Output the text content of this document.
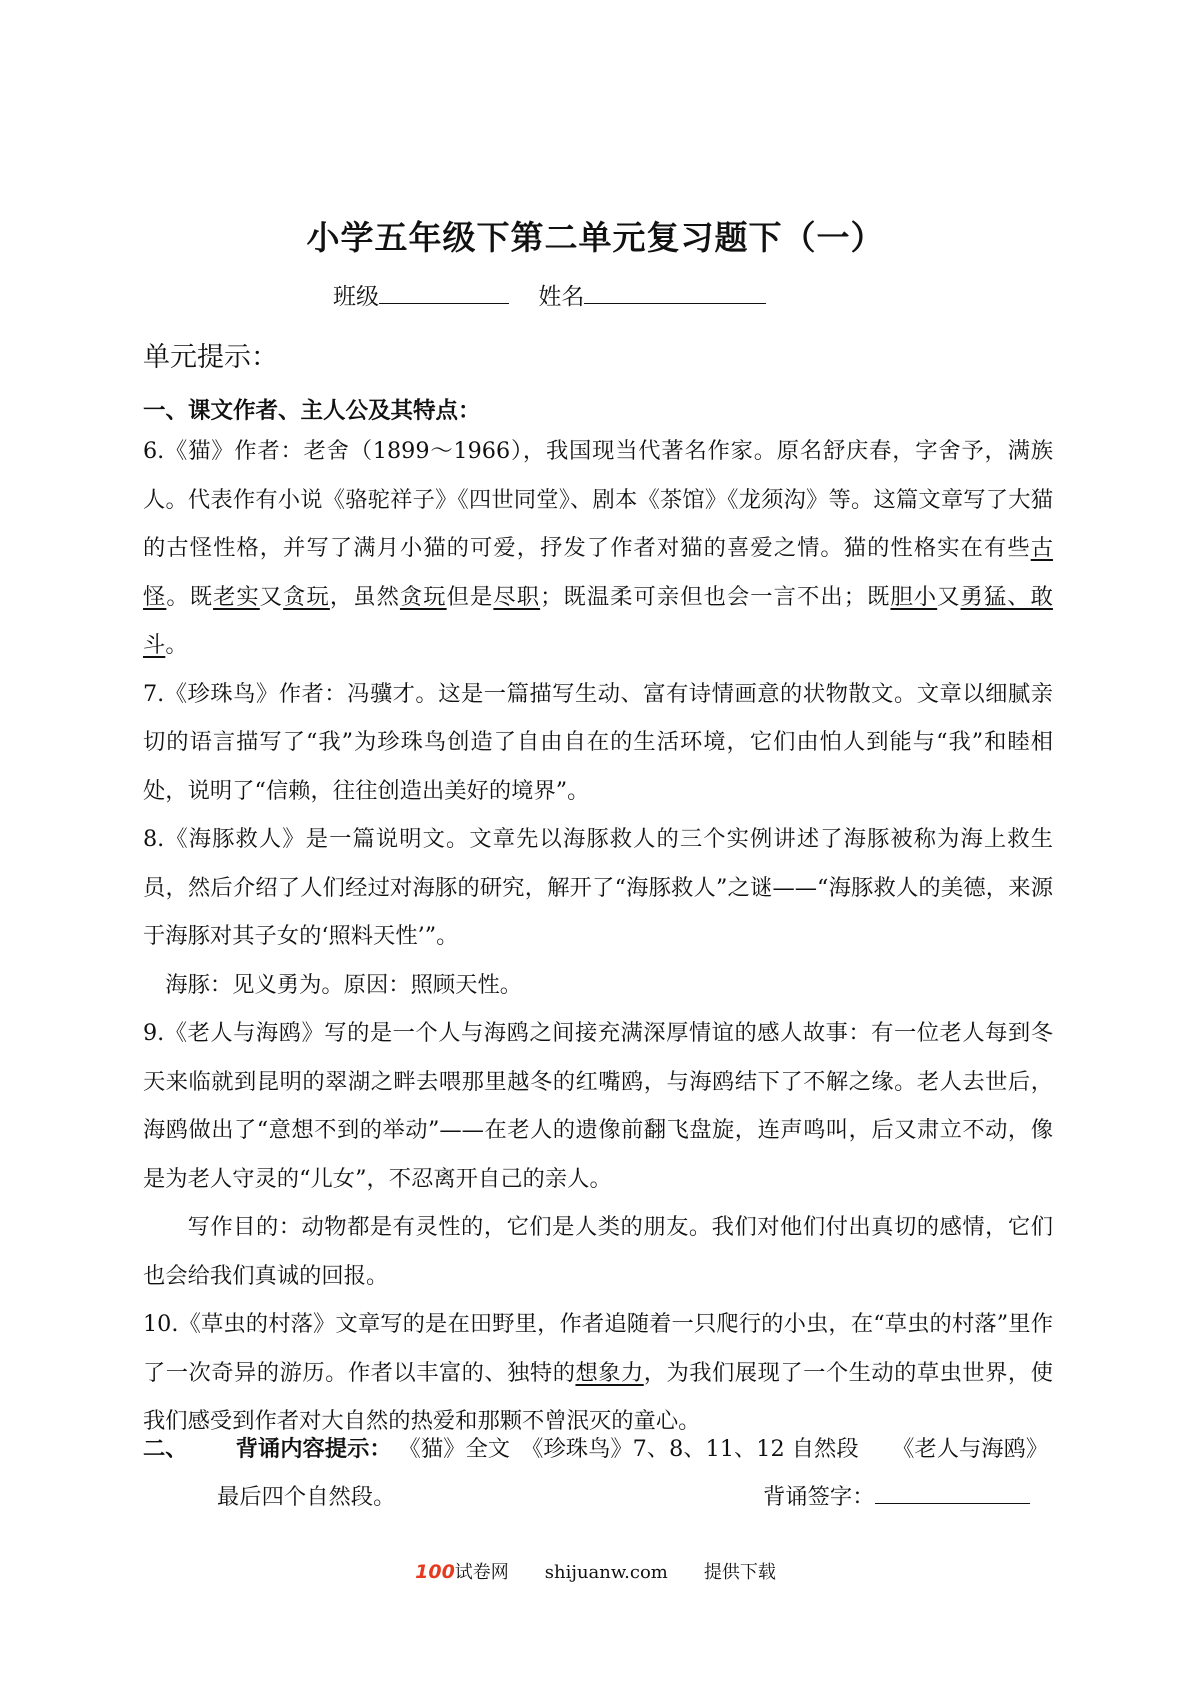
小学五年级下第二单元复习题下（一）
班级	姓名
单元提示：
一、课文作者、主人公及其特点：

6.《猫》作者：老舍（1899～1966），我国现当代著名作家。原名舒庆春，字舍予，满族人。代表作有小说《骆驼祥子》《四世同堂》、剧本《茶馆》《龙须沟》等。这篇文章写了大猫的古怪性格，并写了满月小猫的可爱，抒发了作者对猫的喜爱之情。猫的性格实在有些古怪。既老实又贪玩，虽然贪玩但是尽职；既温柔可亲但也会一言不出；既胆小又勇猛、敢斗。

7.《珍珠鸟》作者：冯骥才。这是一篇描写生动、富有诗情画意的状物散文。文章以细腻亲切的语言描写了“我”为珍珠鸟创造了自由自在的生活环境，它们由怕人到能与“我”和睦相处，说明了“信赖，往往创造出美好的境界”。

8.《海豚救人》是一篇说明文。文章先以海豚救人的三个实例讲述了海豚被称为海上救生员，然后介绍了人们经过对海豚的研究，解开了“海豚救人”之谜——“海豚救人的美德，来源于海豚对其子女的‘照料天性’”。

海豚：见义勇为。原因：照顾天性。

9.《老人与海鸥》写的是一个人与海鸥之间接充满深厚情谊的感人故事：有一位老人每到冬天来临就到昆明的翠湖之畔去喂那里越冬的红嘴鸥，与海鸥结下了不解之缘。老人去世后，海鸥做出了“意想不到的举动”——在老人的遗像前翻飞盘旋，连声鸣叫，后又肃立不动，像是为老人守灵的“儿女”，不忍离开自己的亲人。

写作目的：动物都是有灵性的，它们是人类的朋友。我们对他们付出真切的感情，它们也会给我们真诚的回报。

10.《草虫的村落》文章写的是在田野里，作者追随着一只爬行的小虫，在“草虫的村落”里作了一次奇异的游历。作者以丰富的、独特的想象力，为我们展现了一个生动的草虫世界，使我们感受到作者对大自然的热爱和那颗不曾泯灭的童心。

二、 背诵内容提示： 《猫》全文　《珍珠鸟》7、8、11、12 自然段　　《老人与海鸥》
最后四个自然段。	背诵签字：
100试卷网 shijuanw.com 提供下载
